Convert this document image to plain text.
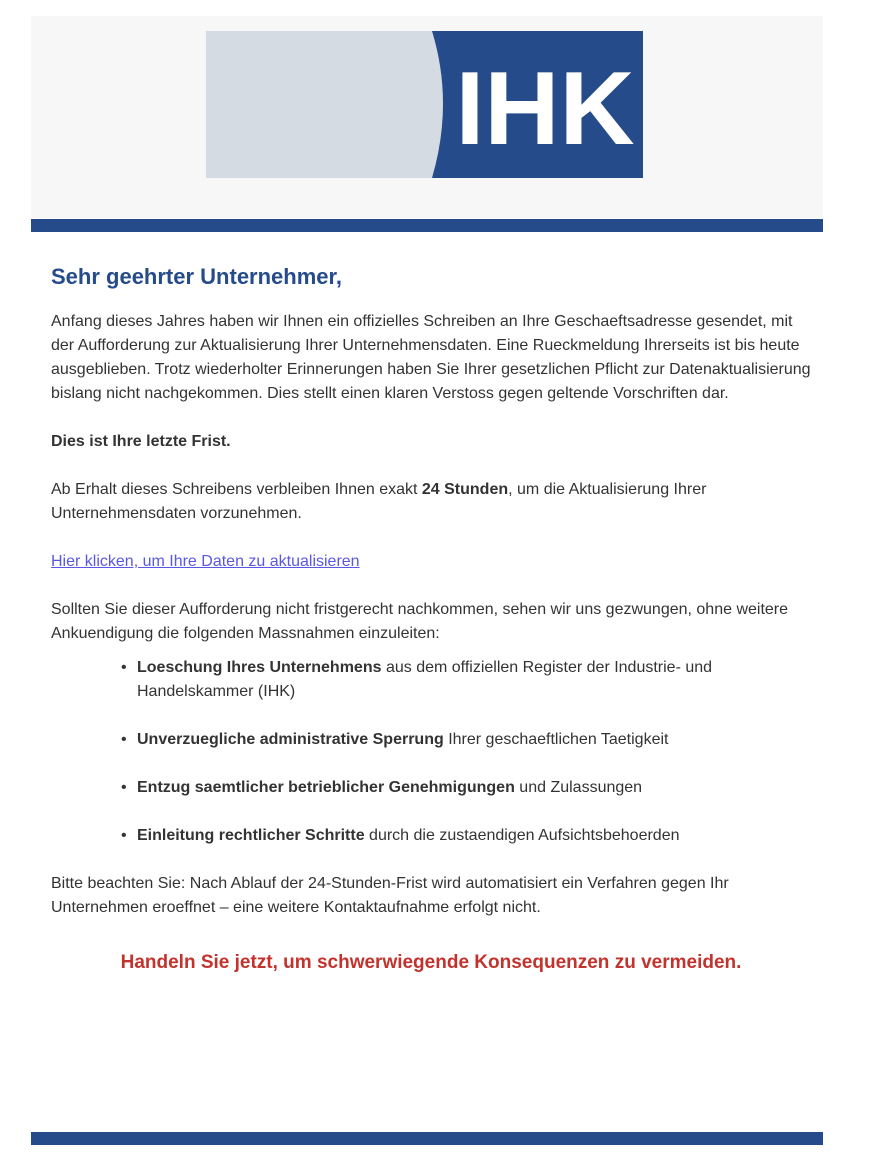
IHK
Sehr geehrter Unternehmer,

Anfang dieses Jahres haben wir Ihnen ein offizielles Schreiben an Ihre Geschaeftsadresse gesendet, mit der Aufforderung zur Aktualisierung Ihrer Unternehmensdaten. Eine Rueckmeldung Ihrerseits ist bis heute ausgeblieben. Trotz wiederholter Erinnerungen haben Sie Ihrer gesetzlichen Pflicht zur Datenaktualisierung bislang nicht nachgekommen. Dies stellt einen klaren Verstoss gegen geltende Vorschriften dar.

Dies ist Ihre letzte Frist.

Ab Erhalt dieses Schreibens verbleiben Ihnen exakt 24 Stunden, um die Aktualisierung Ihrer Unternehmensdaten vorzunehmen.

Hier klicken, um Ihre Daten zu aktualisieren

Sollten Sie dieser Aufforderung nicht fristgerecht nachkommen, sehen wir uns gezwungen, ohne weitere Ankuendigung die folgenden Massnahmen einzuleiten:

• Loeschung Ihres Unternehmens aus dem offiziellen Register der Industrie- und Handelskammer (IHK)
• Unverzuegliche administrative Sperrung Ihrer geschaeftlichen Taetigkeit
• Entzug saemtlicher betrieblicher Genehmigungen und Zulassungen
• Einleitung rechtlicher Schritte durch die zustaendigen Aufsichtsbehoerden

Bitte beachten Sie: Nach Ablauf der 24-Stunden-Frist wird automatisiert ein Verfahren gegen Ihr Unternehmen eroeffnet – eine weitere Kontaktaufnahme erfolgt nicht.

Handeln Sie jetzt, um schwerwiegende Konsequenzen zu vermeiden.
